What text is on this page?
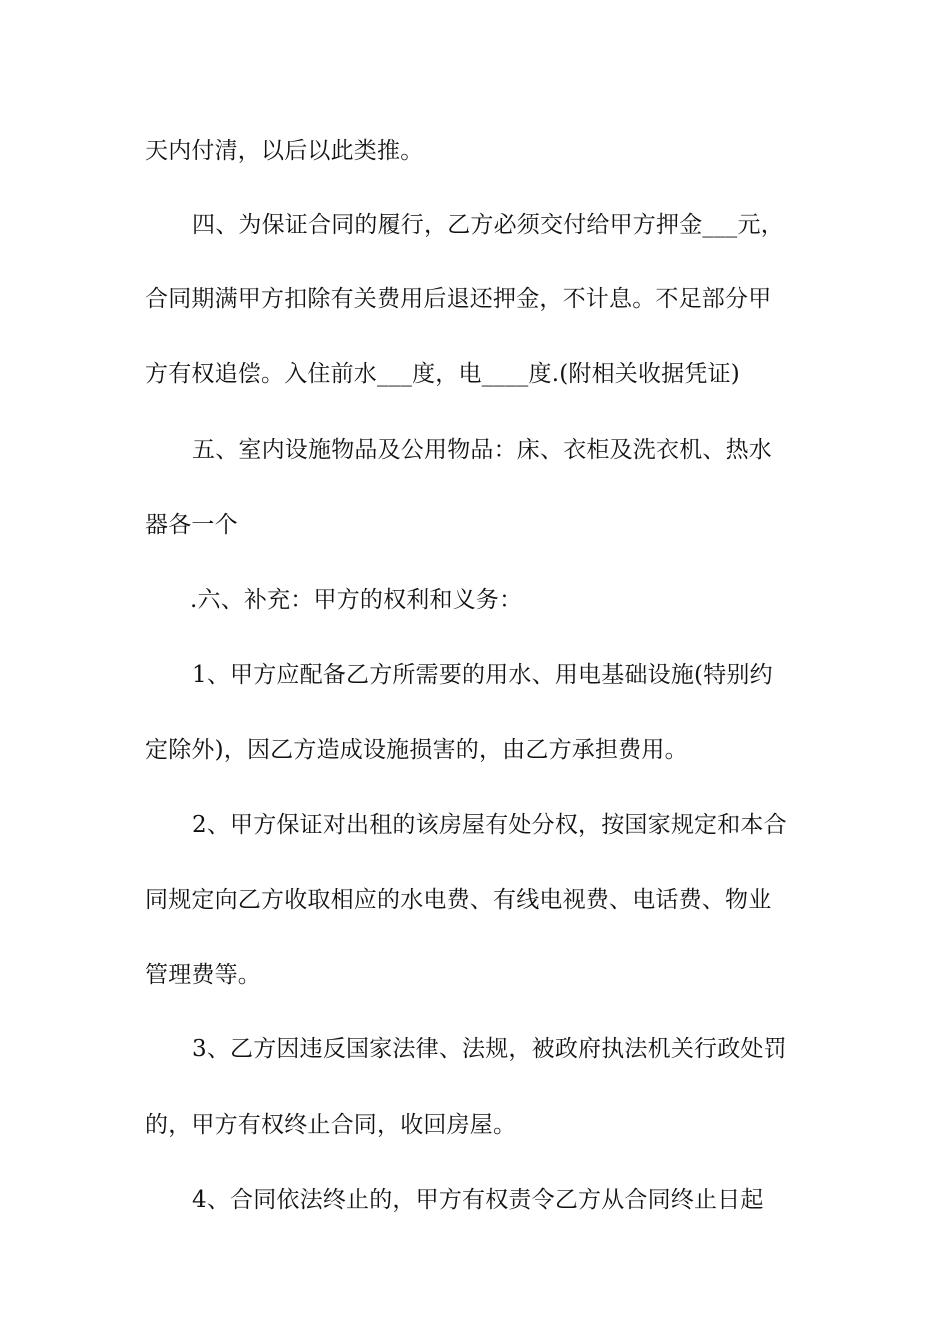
天内付清，以后以此类推。
四、为保证合同的履行，乙方必须交付给甲方押金___元，
合同期满甲方扣除有关费用后退还押金，不计息。不足部分甲
方有权追偿。入住前水___度，电____度.(附相关收据凭证)
五、室内设施物品及公用物品：床、衣柜及洗衣机、热水
器各一个
.六、补充：甲方的权利和义务：
1、甲方应配备乙方所需要的用水、用电基础设施(特别约
定除外)，因乙方造成设施损害的，由乙方承担费用。
2、甲方保证对出租的该房屋有处分权，按国家规定和本合
同规定向乙方收取相应的水电费、有线电视费、电话费、物业
管理费等。
3、乙方因违反国家法律、法规，被政府执法机关行政处罚
的，甲方有权终止合同，收回房屋。
4、合同依法终止的，甲方有权责令乙方从合同终止日起
